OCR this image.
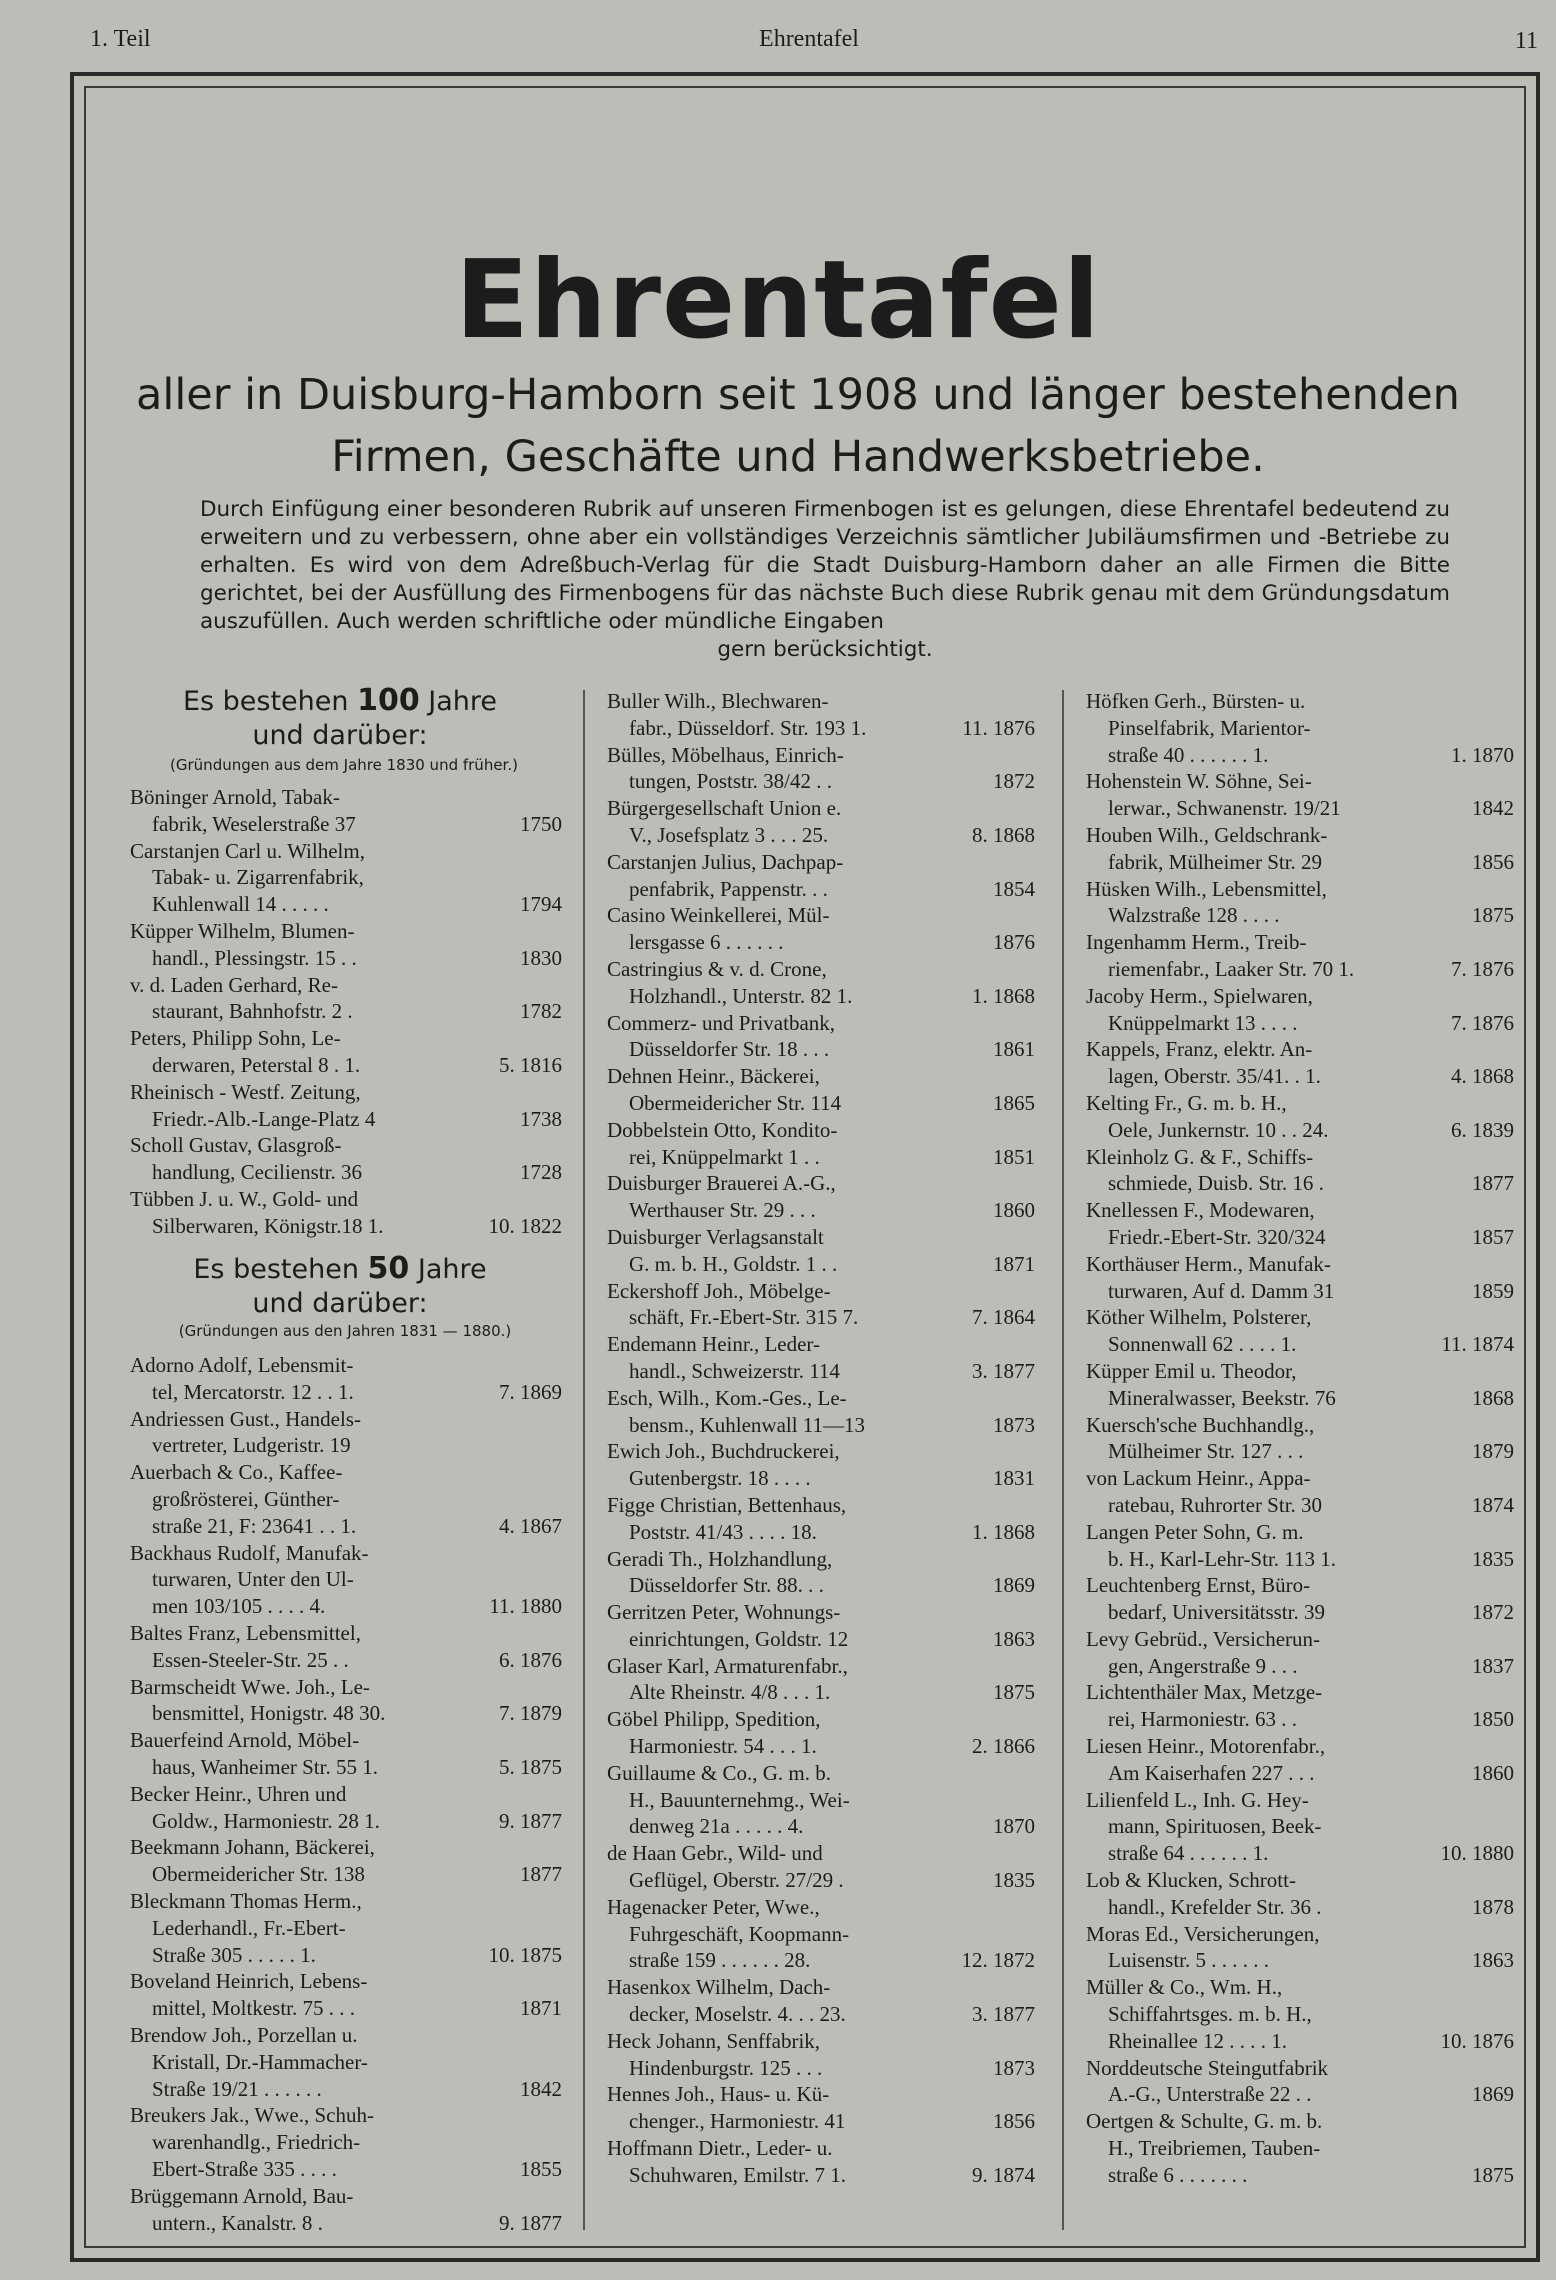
1. Teil	Ehrentafel	11
Ehrentafel
aller in Duisburg-Hamborn seit 1908 und länger bestehenden
Firmen, Geschäfte und Handwerksbetriebe.
Durch Einfügung einer besonderen Rubrik auf unseren Firmenbogen ist es gelungen, diese Ehrentafel bedeutend zu erweitern und zu verbessern, ohne aber ein vollständiges Verzeichnis sämtlicher Jubiläumsfirmen und -Betriebe zu erhalten. Es wird von dem Adreßbuch-Verlag für die Stadt Duisburg-Hamborn daher an alle Firmen die Bitte gerichtet, bei der Ausfüllung des Firmenbogens für das nächste Buch diese Rubrik genau mit dem Gründungsdatum auszufüllen. Auch werden schriftliche oder mündliche Eingaben
gern berücksichtigt.
Es bestehen 100 Jahre
und darüber:
(Gründungen aus dem Jahre 1830 und früher.)
Böninger Arnold, Tabak-
1750
fabrik, Weselerstraße 37
Carstanjen Carl u. Wilhelm,
Tabak- u. Zigarrenfabrik,
1794
Kuhlenwall 14 . . . . .
Küpper Wilhelm, Blumen-
1830
handl., Plessingstr. 15 . .
v. d. Laden Gerhard, Re-
1782
staurant, Bahnhofstr. 2 .
Peters, Philipp Sohn, Le-
5. 1816
derwaren, Peterstal 8 . 1.
Rheinisch - Westf. Zeitung,
1738
Friedr.-Alb.-Lange-Platz 4
Scholl Gustav, Glasgroß-
1728
handlung, Cecilienstr. 36
Tübben J. u. W., Gold- und
10. 1822
Silberwaren, Königstr.18 1.
Es bestehen 50 Jahre
und darüber:
(Gründungen aus den Jahren 1831 — 1880.)
Adorno Adolf, Lebensmit-
7. 1869
tel, Mercatorstr. 12 . . 1.
Andriessen Gust., Handels-
vertreter, Ludgeristr. 19
Auerbach & Co., Kaffee-
großrösterei, Günther-
4. 1867
straße 21, F: 23641 . . 1.
Backhaus Rudolf, Manufak-
turwaren, Unter den Ul-
11. 1880
men 103/105 . . . . 4.
Baltes Franz, Lebensmittel,
6. 1876
Essen-Steeler-Str. 25 . .
Barmscheidt Wwe. Joh., Le-
7. 1879
bensmittel, Honigstr. 48 30.
Bauerfeind Arnold, Möbel-
5. 1875
haus, Wanheimer Str. 55 1.
Becker Heinr., Uhren und
9. 1877
Goldw., Harmoniestr. 28 1.
Beekmann Johann, Bäckerei,
1877
Obermeidericher Str. 138
Bleckmann Thomas Herm.,
Lederhandl., Fr.-Ebert-
10. 1875
Straße 305 . . . . . 1.
Boveland Heinrich, Lebens-
1871
mittel, Moltkestr. 75 . . .
Brendow Joh., Porzellan u.
Kristall, Dr.-Hammacher-
1842
Straße 19/21 . . . . . .
Breukers Jak., Wwe., Schuh-
warenhandlg., Friedrich-
1855
Ebert-Straße 335 . . . .
Brüggemann Arnold, Bau-
9. 1877
untern., Kanalstr. 8 .
Buller Wilh., Blechwaren-
11. 1876
fabr., Düsseldorf. Str. 193 1.
Bülles, Möbelhaus, Einrich-
1872
tungen, Poststr. 38/42 . .
Bürgergesellschaft Union e.
8. 1868
V., Josefsplatz 3 . . . 25.
Carstanjen Julius, Dachpap-
1854
penfabrik, Pappenstr. . .
Casino Weinkellerei, Mül-
1876
lersgasse 6 . . . . . .
Castringius & v. d. Crone,
1. 1868
Holzhandl., Unterstr. 82 1.
Commerz- und Privatbank,
1861
Düsseldorfer Str. 18 . . .
Dehnen Heinr., Bäckerei,
1865
Obermeidericher Str. 114
Dobbelstein Otto, Kondito-
1851
rei, Knüppelmarkt 1 . .
Duisburger Brauerei A.-G.,
1860
Werthauser Str. 29 . . .
Duisburger Verlagsanstalt
1871
G. m. b. H., Goldstr. 1 . .
Eckershoff Joh., Möbelge-
7. 1864
schäft, Fr.-Ebert-Str. 315 7.
Endemann Heinr., Leder-
3. 1877
handl., Schweizerstr. 114
Esch, Wilh., Kom.-Ges., Le-
1873
bensm., Kuhlenwall 11—13
Ewich Joh., Buchdruckerei,
1831
Gutenbergstr. 18 . . . .
Figge Christian, Bettenhaus,
1. 1868
Poststr. 41/43 . . . . 18.
Geradi Th., Holzhandlung,
1869
Düsseldorfer Str. 88. . .
Gerritzen Peter, Wohnungs-
1863
einrichtungen, Goldstr. 12
Glaser Karl, Armaturenfabr.,
1875
Alte Rheinstr. 4/8 . . . 1.
Göbel Philipp, Spedition,
2. 1866
Harmoniestr. 54 . . . 1.
Guillaume & Co., G. m. b.
H., Bauunternehmg., Wei-
1870
denweg 21a . . . . . 4.
de Haan Gebr., Wild- und
1835
Geflügel, Oberstr. 27/29 .
Hagenacker Peter, Wwe.,
Fuhrgeschäft, Koopmann-
12. 1872
straße 159 . . . . . . 28.
Hasenkox Wilhelm, Dach-
3. 1877
decker, Moselstr. 4. . . 23.
Heck Johann, Senffabrik,
1873
Hindenburgstr. 125 . . .
Hennes Joh., Haus- u. Kü-
1856
chenger., Harmoniestr. 41
Hoffmann Dietr., Leder- u.
9. 1874
Schuhwaren, Emilstr. 7 1.
Höfken Gerh., Bürsten- u.
Pinselfabrik, Marientor-
1. 1870
straße 40 . . . . . . 1.
Hohenstein W. Söhne, Sei-
1842
lerwar., Schwanenstr. 19/21
Houben Wilh., Geldschrank-
1856
fabrik, Mülheimer Str. 29
Hüsken Wilh., Lebensmittel,
1875
Walzstraße 128 . . . .
Ingenhamm Herm., Treib-
7. 1876
riemenfabr., Laaker Str. 70 1.
Jacoby Herm., Spielwaren,
7. 1876
Knüppelmarkt 13 . . . .
Kappels, Franz, elektr. An-
4. 1868
lagen, Oberstr. 35/41. . 1.
Kelting Fr., G. m. b. H.,
6. 1839
Oele, Junkernstr. 10 . . 24.
Kleinholz G. & F., Schiffs-
1877
schmiede, Duisb. Str. 16 .
Knellessen F., Modewaren,
1857
Friedr.-Ebert-Str. 320/324
Korthäuser Herm., Manufak-
1859
turwaren, Auf d. Damm 31
Köther Wilhelm, Polsterer,
11. 1874
Sonnenwall 62 . . . . 1.
Küpper Emil u. Theodor,
1868
Mineralwasser, Beekstr. 76
Kuersch'sche Buchhandlg.,
1879
Mülheimer Str. 127 . . .
von Lackum Heinr., Appa-
1874
ratebau, Ruhrorter Str. 30
Langen Peter Sohn, G. m.
1835
b. H., Karl-Lehr-Str. 113 1.
Leuchtenberg Ernst, Büro-
1872
bedarf, Universitätsstr. 39
Levy Gebrüd., Versicherun-
1837
gen, Angerstraße 9 . . .
Lichtenthäler Max, Metzge-
1850
rei, Harmoniestr. 63 . .
Liesen Heinr., Motorenfabr.,
1860
Am Kaiserhafen 227 . . .
Lilienfeld L., Inh. G. Hey-
mann, Spirituosen, Beek-
10. 1880
straße 64 . . . . . . 1.
Lob & Klucken, Schrott-
1878
handl., Krefelder Str. 36 .
Moras Ed., Versicherungen,
1863
Luisenstr. 5 . . . . . .
Müller & Co., Wm. H.,
Schiffahrtsges. m. b. H.,
10. 1876
Rheinallee 12 . . . . 1.
Norddeutsche Steingutfabrik
1869
A.-G., Unterstraße 22 . .
Oertgen & Schulte, G. m. b.
H., Treibriemen, Tauben-
1875
straße 6 . . . . . . .
